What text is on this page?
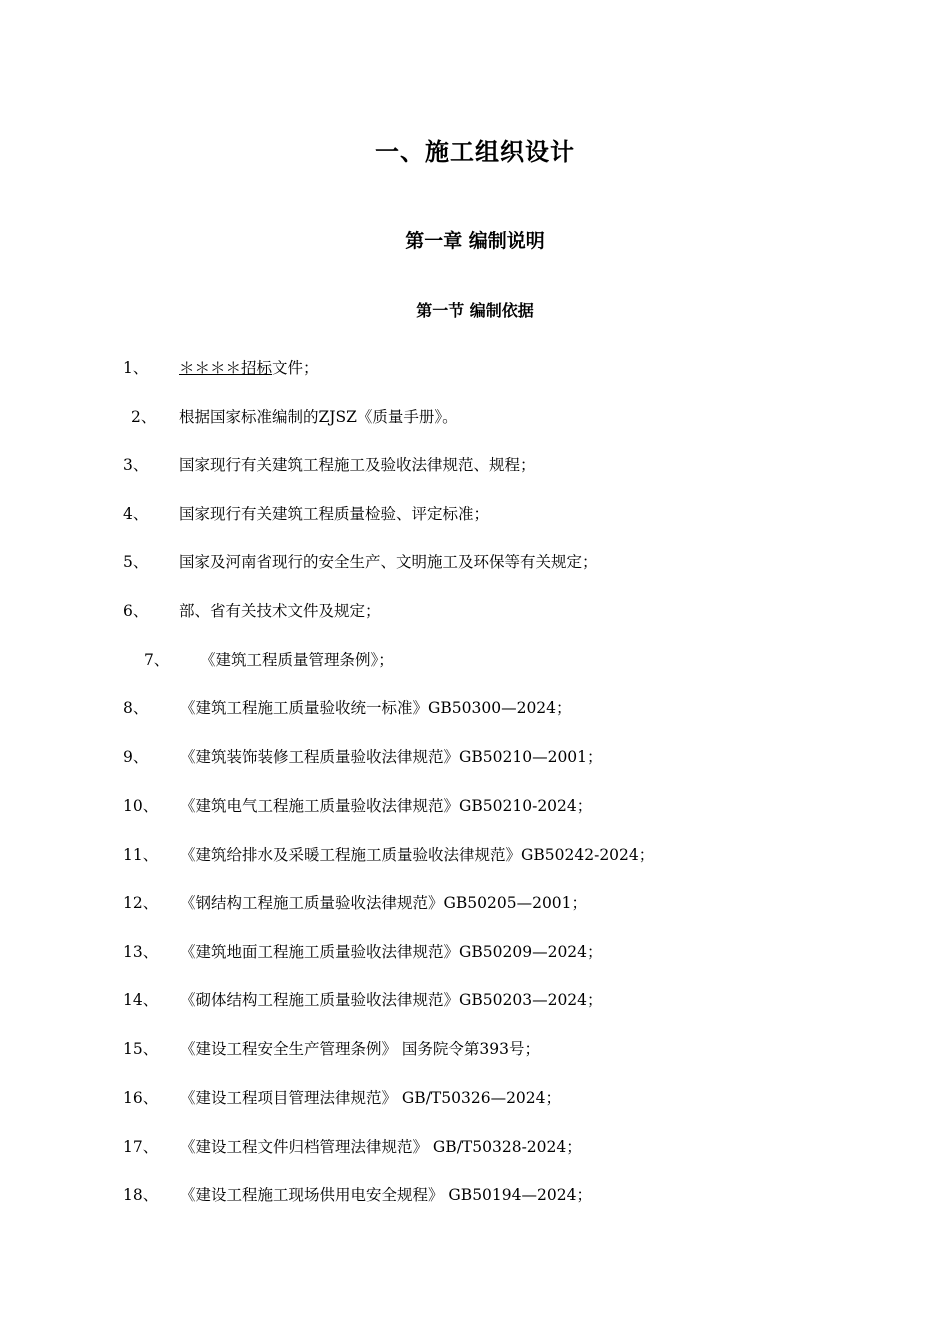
一、施工组织设计
第一章 编制说明
第一节 编制依据
1、 ＊＊＊＊招标文件；
2、 根据国家标准编制的ZJSZ《质量手册》。
3、 国家现行有关建筑工程施工及验收法律规范、规程；
4、 国家现行有关建筑工程质量检验、评定标准；
5、 国家及河南省现行的安全生产、文明施工及环保等有关规定；
6、 部、省有关技术文件及规定；
7、 《建筑工程质量管理条例》；
8、 《建筑工程施工质量验收统一标准》GB50300—2024；
9、 《建筑装饰装修工程质量验收法律规范》GB50210—2001；
10、 《建筑电气工程施工质量验收法律规范》GB50210-2024；
11、 《建筑给排水及采暖工程施工质量验收法律规范》GB50242-2024；
12、 《钢结构工程施工质量验收法律规范》GB50205—2001；
13、 《建筑地面工程施工质量验收法律规范》GB50209—2024；
14、 《砌体结构工程施工质量验收法律规范》GB50203—2024；
15、 《建设工程安全生产管理条例》 国务院令第393号；
16、 《建设工程项目管理法律规范》 GB/T50326—2024；
17、 《建设工程文件归档管理法律规范》 GB/T50328-2024；
18、 《建设工程施工现场供用电安全规程》 GB50194—2024；
